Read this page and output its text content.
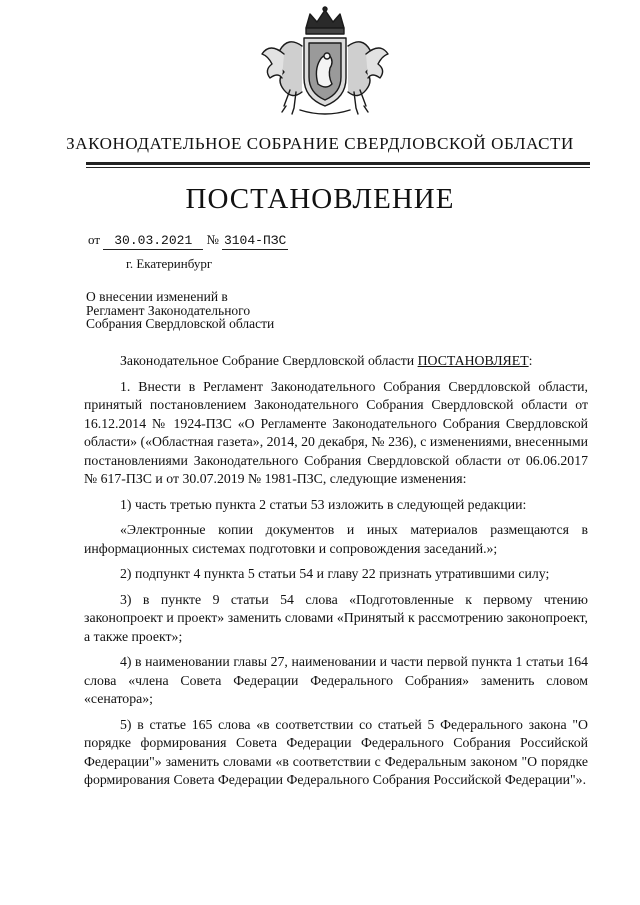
ЗАКОНОДАТЕЛЬНОЕ СОБРАНИЕ СВЕРДЛОВСКОЙ ОБЛАСТИ
ПОСТАНОВЛЕНИЕ
от 30.03.2021 № 3104-ПЗС
г. Екатеринбург
О внесении изменений в
Регламент Законодательного
Собрания Свердловской области

Законодательное Собрание Свердловской области ПОСТАНОВЛЯЕТ:

1. Внести в Регламент Законодательного Собрания Свердловской области, принятый постановлением Законодательного Собрания Свердловской области от 16.12.2014 № 1924-ПЗС «О Регламенте Законодательного Собрания Свердловской области» («Областная газета», 2014, 20 декабря, № 236), с изменениями, внесенными постановлениями Законодательного Собрания Свердловской области от 06.06.2017 № 617-ПЗС и от 30.07.2019 № 1981-ПЗС, следующие изменения:

1) часть третью пункта 2 статьи 53 изложить в следующей редакции:

«Электронные копии документов и иных материалов размещаются в информационных системах подготовки и сопровождения заседаний.»;

2) подпункт 4 пункта 5 статьи 54 и главу 22 признать утратившими силу;

3) в пункте 9 статьи 54 слова «Подготовленные к первому чтению законопроект и проект» заменить словами «Принятый к рассмотрению законопроект, а также проект»;

4) в наименовании главы 27, наименовании и части первой пункта 1 статьи 164 слова «члена Совета Федерации Федерального Собрания» заменить словом «сенатора»;

5) в статье 165 слова «в соответствии со статьей 5 Федерального закона "О порядке формирования Совета Федерации Федерального Собрания Российской Федерации"» заменить словами «в соответствии с Федеральным законом "О порядке формирования Совета Федерации Федерального Собрания Российской Федерации"».
